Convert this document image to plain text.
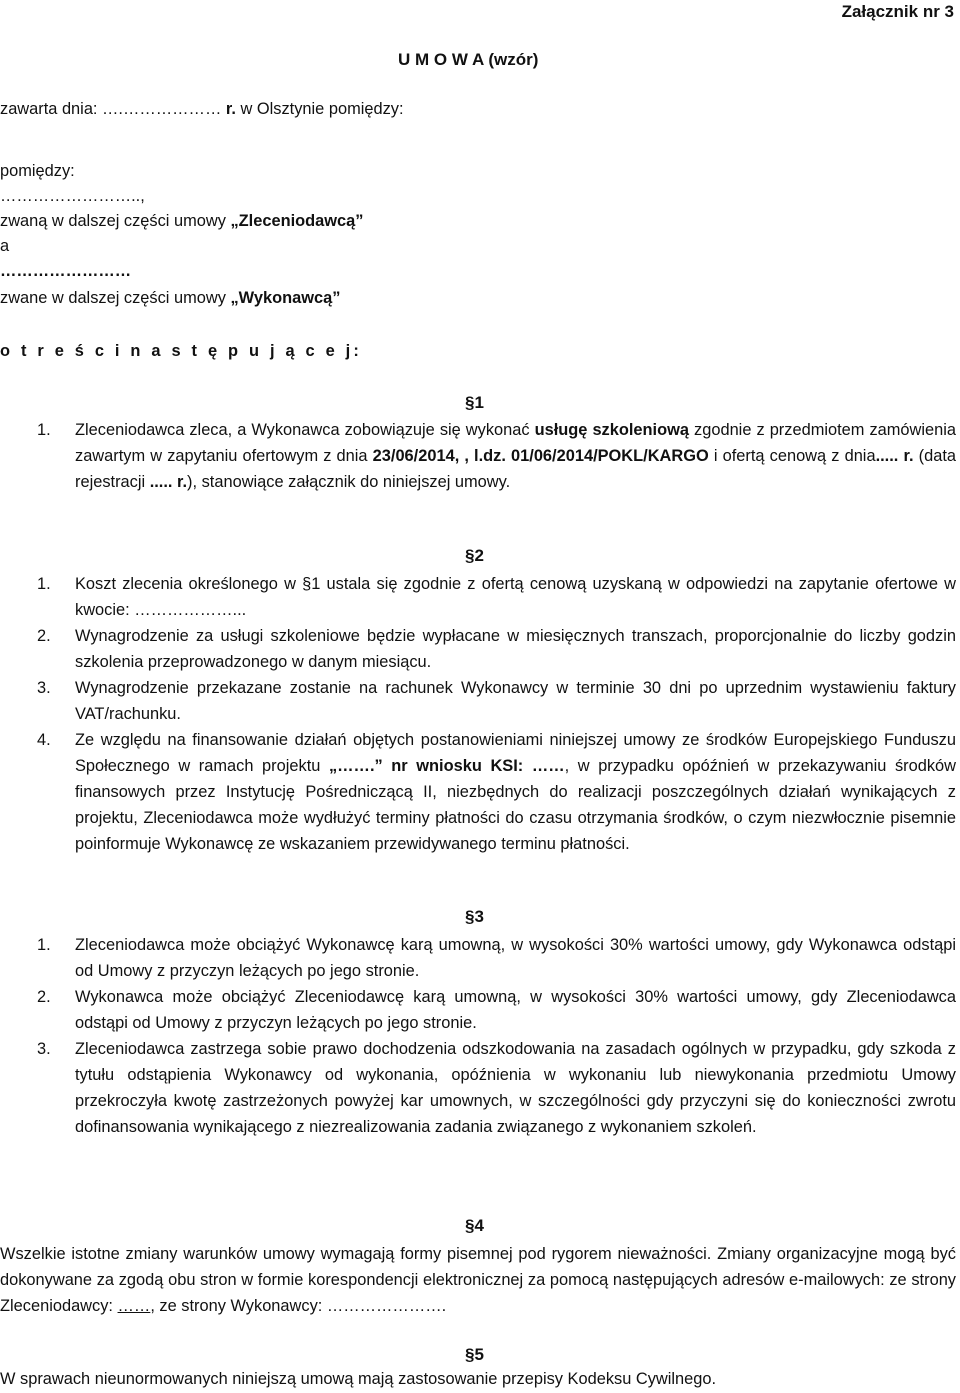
Załącznik nr 3
U M O W A (wzór)
zawarta dnia: ….……………… r. w Olsztynie pomiędzy:
pomiędzy:
……………………..,
zwaną w dalszej części umowy „Zleceniodawcą”
a
……………………
zwane w dalszej części umowy „Wykonawcą”
o t r e ś c i n a s t ę p u j ą c e j:
§1
1. Zleceniodawca zleca, a Wykonawca zobowiązuje się wykonać usługę szkoleniową zgodnie z przedmiotem zamówienia zawartym w zapytaniu ofertowym z dnia 23/06/2014, , l.dz. 01/06/2014/POKL/KARGO i ofertą cenową z dnia..... r. (data rejestracji ..... r.), stanowiące załącznik do niniejszej umowy.

§2
1. Koszt zlecenia określonego w §1 ustala się zgodnie z ofertą cenową uzyskaną w odpowiedzi na zapytanie ofertowe w kwocie: ………………...

2. Wynagrodzenie za usługi szkoleniowe będzie wypłacane w miesięcznych transzach, proporcjonalnie do liczby godzin szkolenia przeprowadzonego w danym miesiącu.

3. Wynagrodzenie przekazane zostanie na rachunek Wykonawcy w terminie 30 dni po uprzednim wystawieniu faktury VAT/rachunku.

4. Ze względu na finansowanie działań objętych postanowieniami niniejszej umowy ze środków Europejskiego Funduszu Społecznego w ramach projektu „…….” nr wniosku KSI: ……, w przypadku opóźnień w przekazywaniu środków finansowych przez Instytucję Pośredniczącą II, niezbędnych do realizacji poszczególnych działań wynikających z projektu, Zleceniodawca może wydłużyć terminy płatności do czasu otrzymania środków, o czym niezwłocznie pisemnie poinformuje Wykonawcę ze wskazaniem przewidywanego terminu płatności.

§3
1. Zleceniodawca może obciążyć Wykonawcę karą umowną, w wysokości 30% wartości umowy, gdy Wykonawca odstąpi od Umowy z przyczyn leżących po jego stronie.

2. Wykonawca może obciążyć Zleceniodawcę karą umowną, w wysokości 30% wartości umowy, gdy Zleceniodawca odstąpi od Umowy z przyczyn leżących po jego stronie.

3. Zleceniodawca zastrzega sobie prawo dochodzenia odszkodowania na zasadach ogólnych w przypadku, gdy szkoda z tytułu odstąpienia Wykonawcy od wykonania, opóźnienia w wykonaniu lub niewykonania przedmiotu Umowy przekroczyła kwotę zastrzeżonych powyżej kar umownych, w szczególności gdy przyczyni się do konieczności zwrotu dofinansowania wynikającego z niezrealizowania zadania związanego z wykonaniem szkoleń.

§4

Wszelkie istotne zmiany warunków umowy wymagają formy pisemnej pod rygorem nieważności. Zmiany organizacyjne mogą być dokonywane za zgodą obu stron w formie korespondencji elektronicznej za pomocą następujących adresów e-mailowych: ze strony Zleceniodawcy: ……, ze strony Wykonawcy: ………………….

§5
W sprawach nieunormowanych niniejszą umową mają zastosowanie przepisy Kodeksu Cywilnego.
